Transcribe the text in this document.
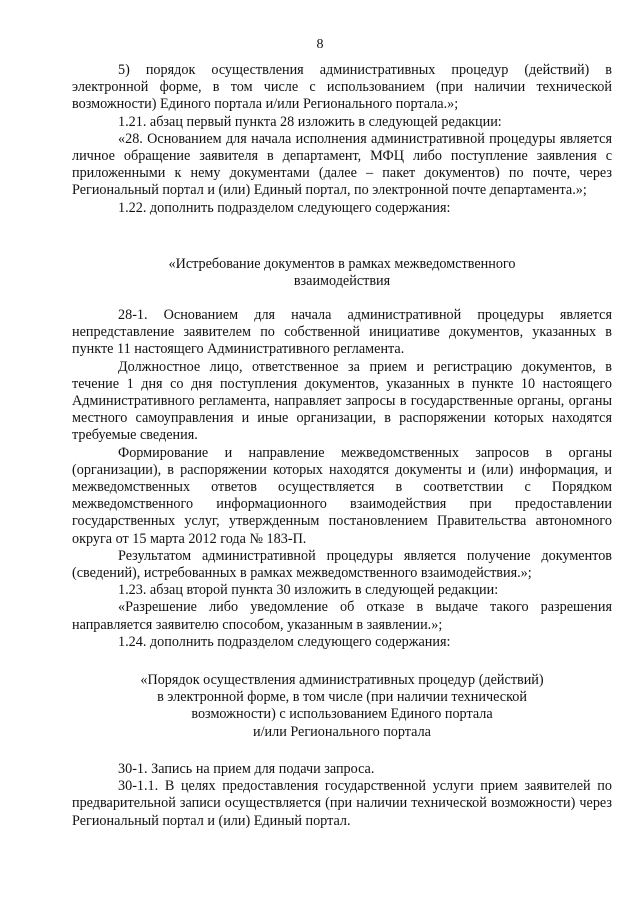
8

5) порядок осуществления административных процедур (действий) в электронной форме, в том числе с использованием (при наличии технической возможности) Единого портала и/или Регионального портала.»;

1.21. абзац первый пункта 28 изложить в следующей редакции:

«28. Основанием для начала исполнения административной процедуры является личное обращение заявителя в департамент, МФЦ либо поступление заявления с приложенными к нему документами (далее – пакет документов) по почте, через Региональный портал и (или) Единый портал, по электронной почте департамента.»;

1.22. дополнить подразделом следующего содержания:

«Истребование документов в рамках межведомственного

взаимодействия

28-1. Основанием для начала административной процедуры является непредставление заявителем по собственной инициативе документов, указанных в пункте 11 настоящего Административного регламента.

Должностное лицо, ответственное за прием и регистрацию документов, в течение 1 дня со дня поступления документов, указанных в пункте 10 настоящего Административного регламента, направляет запросы в государственные органы, органы местного самоуправления и иные организации, в распоряжении которых находятся требуемые сведения.

Формирование и направление межведомственных запросов в органы (организации), в распоряжении которых находятся документы и (или) информация, и межведомственных ответов осуществляется в соответствии с Порядком межведомственного информационного взаимодействия при предоставлении государственных услуг, утвержденным постановлением Правительства автономного округа от 15 марта 2012 года № 183-П.

Результатом административной процедуры является получение документов (сведений), истребованных в рамках межведомственного взаимодействия.»;

1.23. абзац второй пункта 30 изложить в следующей редакции:

«Разрешение либо уведомление об отказе в выдаче такого разрешения направляется заявителю способом, указанным в заявлении.»;

1.24. дополнить подразделом следующего содержания:

«Порядок осуществления административных процедур (действий)

в электронной форме, в том числе (при наличии технической

возможности) с использованием Единого портала

и/или Регионального портала

30-1. Запись на прием для подачи запроса.

30-1.1. В целях предоставления государственной услуги прием заявителей по предварительной записи осуществляется (при наличии технической возможности) через Региональный портал и (или) Единый портал.
